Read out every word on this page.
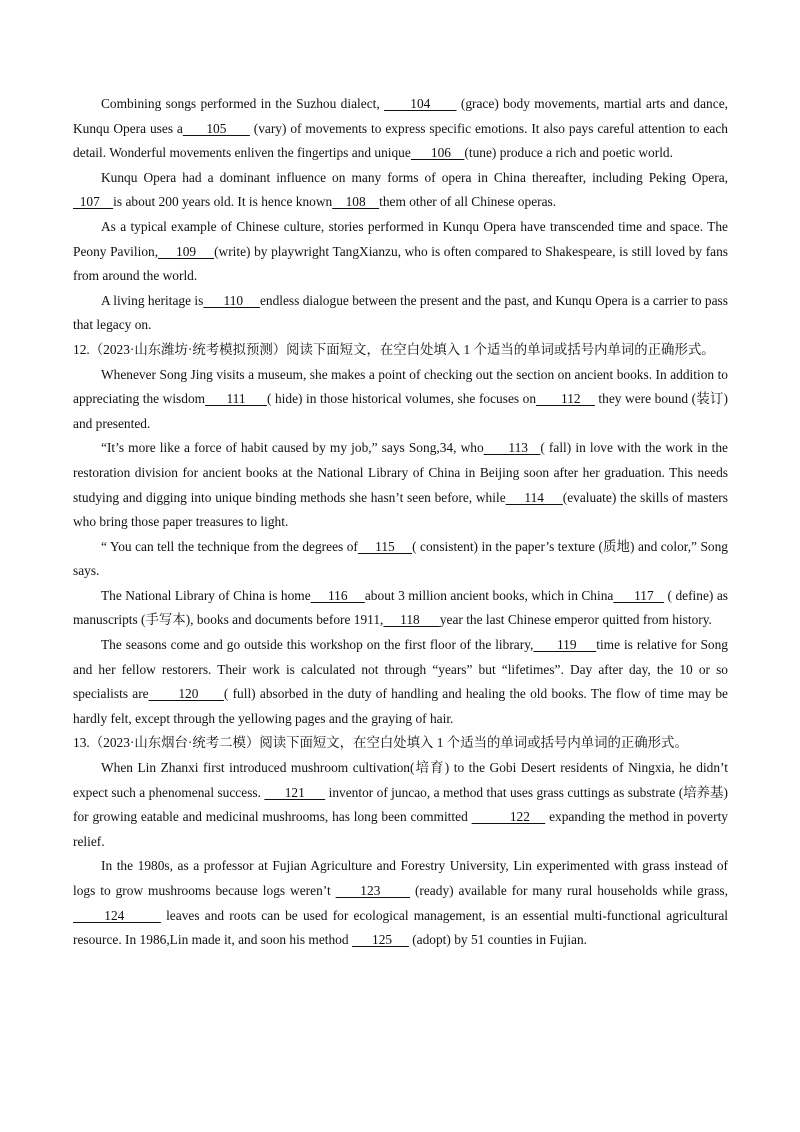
Combining songs performed in the Suzhou dialect,       104       (grace) body movements, martial arts and dance, Kunqu Opera uses a      105       (vary) of movements to express specific emotions. It also pays careful attention to each detail. Wonderful movements enliven the fingertips and unique      106    (tune) produce a rich and poetic world.

Kunqu Opera had a dominant influence on many forms of opera in China thereafter, including Peking Opera,   107    is about 200 years old. It is hence known    108    them other of all Chinese operas.

As a typical example of Chinese culture, stories performed in Kunqu Opera have transcended time and space. The Peony Pavilion,     109     (write) by playwright TangXianzu, who is often compared to Shakespeare, is still loved by fans from around the world.

A living heritage is      110     endless dialogue between the present and the past, and Kunqu Opera is a carrier to pass that legacy on.

12.（2023·山东潍坊·统考模拟预测）阅读下面短文，在空白处填入 1 个适当的单词或括号内单词的正确形式。

Whenever Song Jing visits a museum, she makes a point of checking out the section on ancient books. In addition to appreciating the wisdom      111      ( hide) in those historical volumes, she focuses on       112     they were bound (装订) and presented.

“It’s more like a force of habit caused by my job,” says Song,34, who      113   ( fall) in love with the work in the restoration division for ancient books at the National Library of China in Beijing soon after her graduation. This needs studying and digging into unique binding methods she hasn’t seen before, while     114     (evaluate) the skills of masters who bring those paper treasures to light.

“ You can tell the technique from the degrees of     115     ( consistent) in the paper’s texture (质地) and color,” Song says.

The National Library of China is home     116     about 3 million ancient books, which in China      117    ( define) as manuscripts (手写本), books and documents before 1911,     118      year the last Chinese emperor quitted from history.

The seasons come and go outside this workshop on the first floor of the library,      119     time is relative for Song and her fellow restorers. Their work is calculated not through “years” but “lifetimes”. Day after day, the 10 or so specialists are       120      ( full) absorbed in the duty of handling and healing the old books. The flow of time may be hardly felt, except through the yellowing pages and the graying of hair.

13.（2023·山东烟台·统考二模）阅读下面短文，在空白处填入 1 个适当的单词或括号内单词的正确形式。

When Lin Zhanxi first introduced mushroom cultivation(培育) to the Gobi Desert residents of Ningxia, he didn’t expect such a phenomenal success.       121       inventor of juncao, a method that uses grass cuttings as substrate (培养基) for growing eatable and medicinal mushrooms, has long been committed           122     expanding the method in poverty relief.

In the 1980s, as a professor at Fujian Agriculture and Forestry University, Lin experimented with grass instead of logs to grow mushrooms because logs weren’t      123       (ready) available for many rural households while grass,       124        leaves and roots can be used for ecological management, is an essential multi-functional agricultural resource. In 1986,Lin made it, and soon his method       125      (adopt) by 51 counties in Fujian.
